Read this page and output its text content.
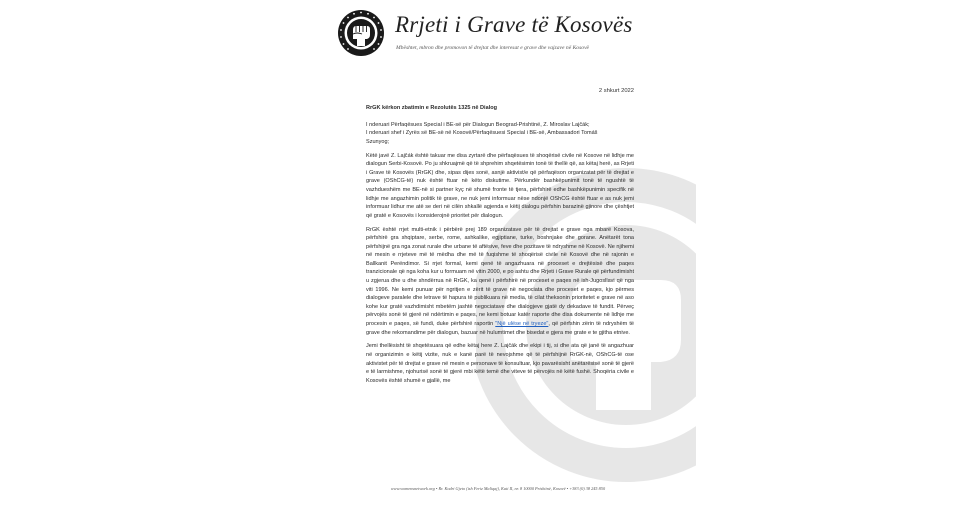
Rrjeti i Grave të Kosovës
Mbështet, mbron dhe promovon të drejtat dhe interesat e grave dhe vajzave në Kosovë
2 shkurt 2022

RrGK kërkon zbatimin e Rezolutës 1325 në Dialog

I nderuari Përfaqësues Special i BE-së për Dialogun Beograd-Prishtinë, Z. Miroslav Lajčák;
I nderuari shef i Zyrës së BE-së në Kosovë/Përfaqësuesi Special i BE-së, Ambassadori Tomáš
Szunyog;

Këtë javë Z. Lajčák është takuar me disa zyrtarë dhe përfaqësues të shoqërisë civile në Kosove në lidhje me dialogun Serbi-Kosovë. Po ju shkruajmë që të shprehim shqetësimin tonë të thellë që, as këtaj herë, as Rrjeti i Grave të Kosovës (RrGK) dhe, sipas dijes sonë, asnjë aktivist/e që përfaqëson organizatat për të drejtat e grave (OShCG-të) nuk është ftuar në këto diskutime. Përkundër bashkëpunimit tonë të ngushtë të vazhdueshëm me BE-në si partner kyç në shumë fronte të tjera, përfshirë edhe bashkëpunimin specifik në lidhje me angazhimin politik të grave, ne nuk jemi informuar nëse ndonjë OShCG është ftuar e as nuk jemi informuar lidhur me atë se deri në cilën shkallë agjenda e këtij dialogu përfshin barazinë gjinore dhe çështjet që gratë e Kosovës i konsiderojnë prioritet për dialogun.

RrGK është rrjet multi-etnik i përbërë prej 189 organizatave për të drejtat e grave nga mbarë Kosova, përfshirë gra shqiptare, serbe, rome, ashkalike, egjiptiane, turke, boshnjake dhe gorane. Anëtarët tona përfshijnë gra nga zonat rurale dhe urbane të aftësive, feve dhe pozitave të ndryshme në Kosovë. Ne njihemi në mesin e rrjeteve më të mëdha dhe më të fuqishme të shoqërisë civile në Kosovë dhe në rajonin e Ballkanit Perëndimor. Si rrjet formal, kemi qenë të angazhuara në proceset e drejtësisë dhe paqes tranzicionale që nga koha kur u formuam në vitin 2000, e po ashtu dhe Rrjeti i Grave Rurale që përfundimisht u zgjerua dhe u dhe shndërrua në RrGK, ka qenë i përfshirë në proceset e paqes në ish-Jugosllavi që nga viti 1996. Ne kemi punuar për ngritjen e zërit të grave në negociata dhe proceset e paqes, kjo përmes dialogeve paralele dhe letrave të hapura të publikuara në media, të cilat theksonin prioritetet e grave në aso kohe kur gratë vazhdimisht mbetëm jashtë negociatave dhe dialogjeve gjatë dy dekadave të fundit. Përveç përvojës sonë të gjerë në ndërtimin e paqes, ne kemi botuar katër raporte dhe disa dokumente në lidhje me procesin e paqes, së fundi, duke përfshirë raportin "Një ulëse në tryeze", që përfshin zërin të ndryshëm të grave dhe rekomandime për dialogun, bazuar në hulumtimet dhe bisedat e gjera me grate e te gjitha etnive.

Jemi thellësisht të shqetësuara që edhe këtaj here Z. Lajčák dhe ekipi i tij, si dhe ata që janë të angazhuar në organizimin e këtij vizite, nuk e kanë parë të nevojshme që të përfshijnë RrGK-në, OShCG-të ose aktivistet për të drejtat e grave në mesin e personave të konsultuar, kjo pavarësisht anëtarësisë sonë të gjerë e të larmishme, njohurisë sonë të gjerë mbi këtë temë dhe viteve të përvojës në këtë fushë. Shoqëria civile e Kosovës është shumë e gjallë, me

www.womensnetwork.org • Rr. Kodri Gjeto (ish Feriz Maliqaj), Kati II, nr. 8 10000 Prishtinë, Kosovë • +383 (0) 38 245 850
